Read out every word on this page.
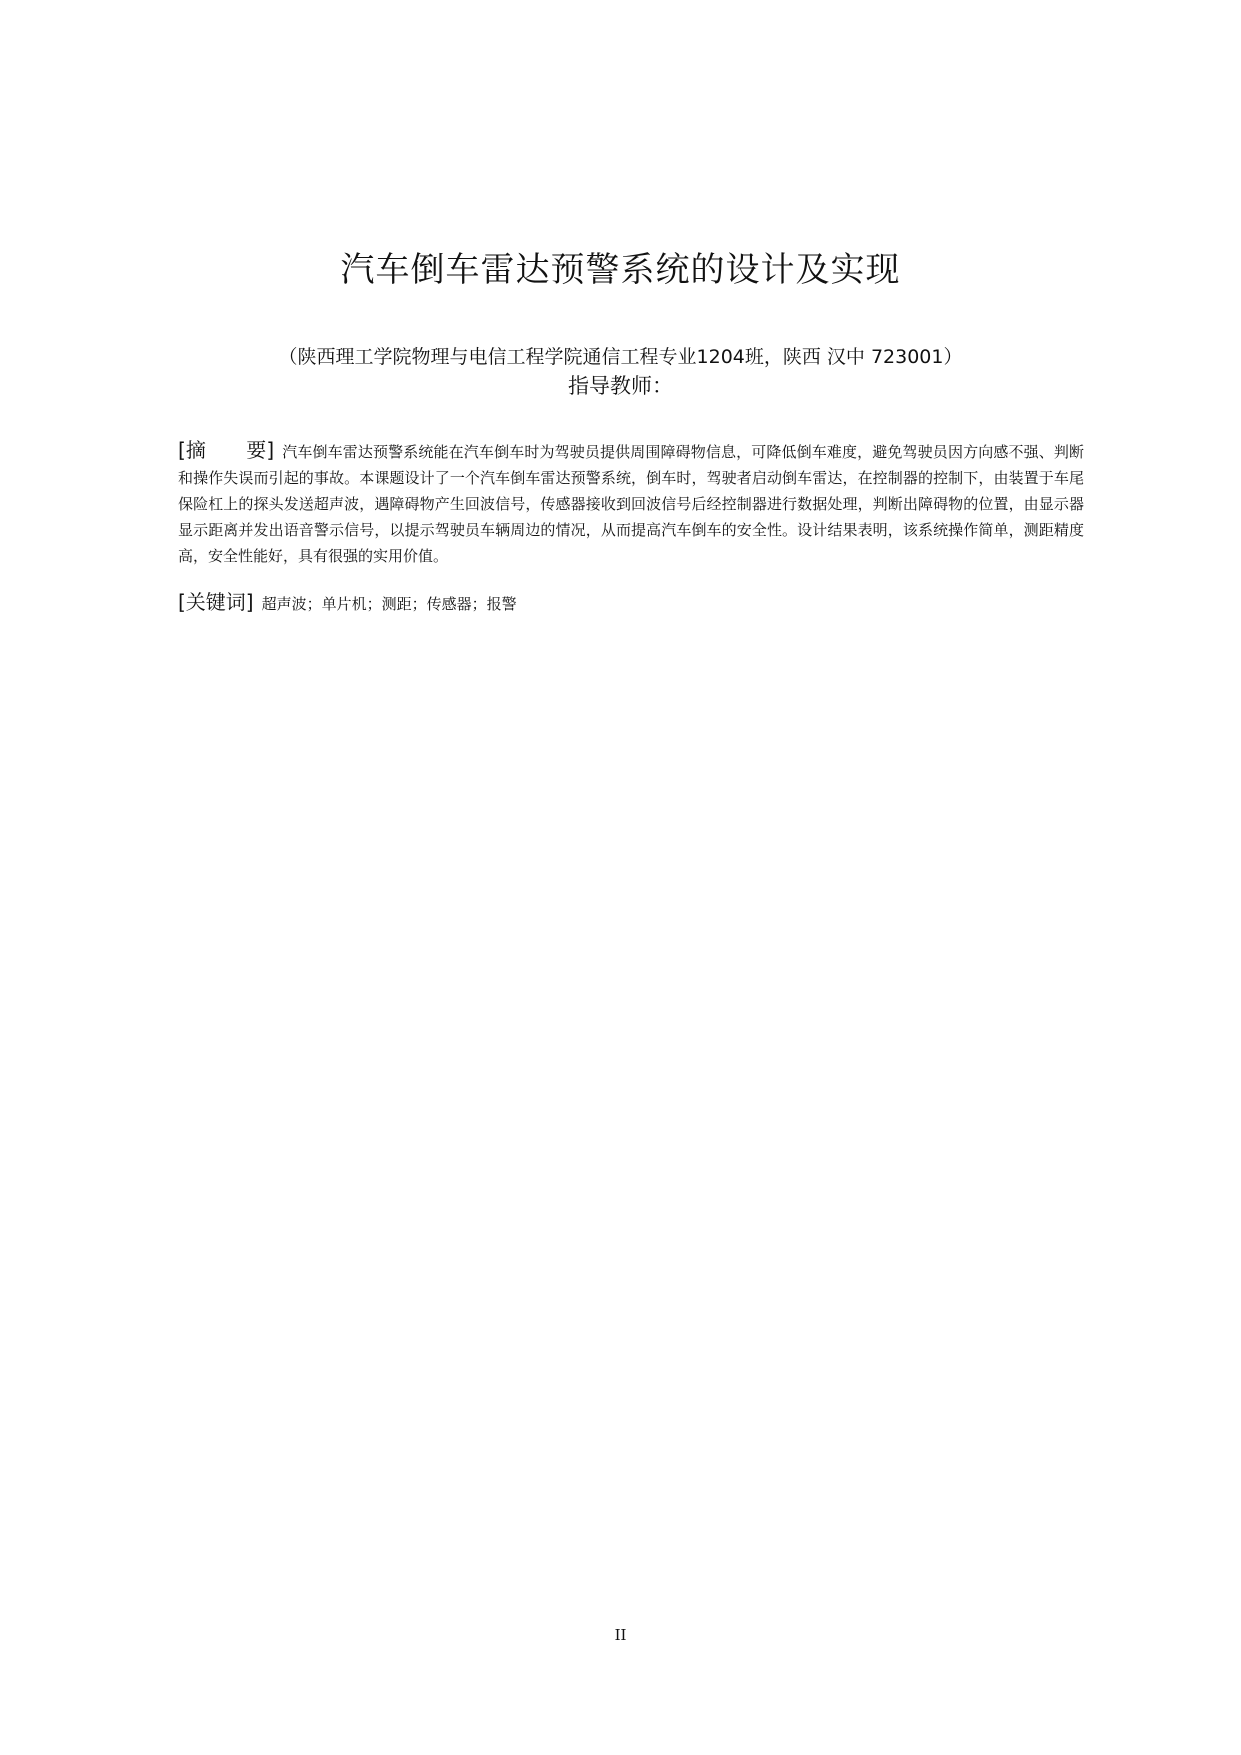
汽车倒车雷达预警系统的设计及实现
（陕西理工学院物理与电信工程学院通信工程专业1204班，陕西 汉中 723001）
指导教师：
[摘 要] 汽车倒车雷达预警系统能在汽车倒车时为驾驶员提供周围障碍物信息，可降低倒车难度，避免驾驶员因方向感不强、判断和操作失误而引起的事故。本课题设计了一个汽车倒车雷达预警系统，倒车时，驾驶者启动倒车雷达，在控制器的控制下，由装置于车尾保险杠上的探头发送超声波，遇障碍物产生回波信号，传感器接收到回波信号后经控制器进行数据处理，判断出障碍物的位置，由显示器显示距离并发出语音警示信号，以提示驾驶员车辆周边的情况，从而提高汽车倒车的安全性。设计结果表明，该系统操作简单，测距精度高，安全性能好，具有很强的实用价值。
[关键词] 超声波；单片机；测距；传感器；报警
II
